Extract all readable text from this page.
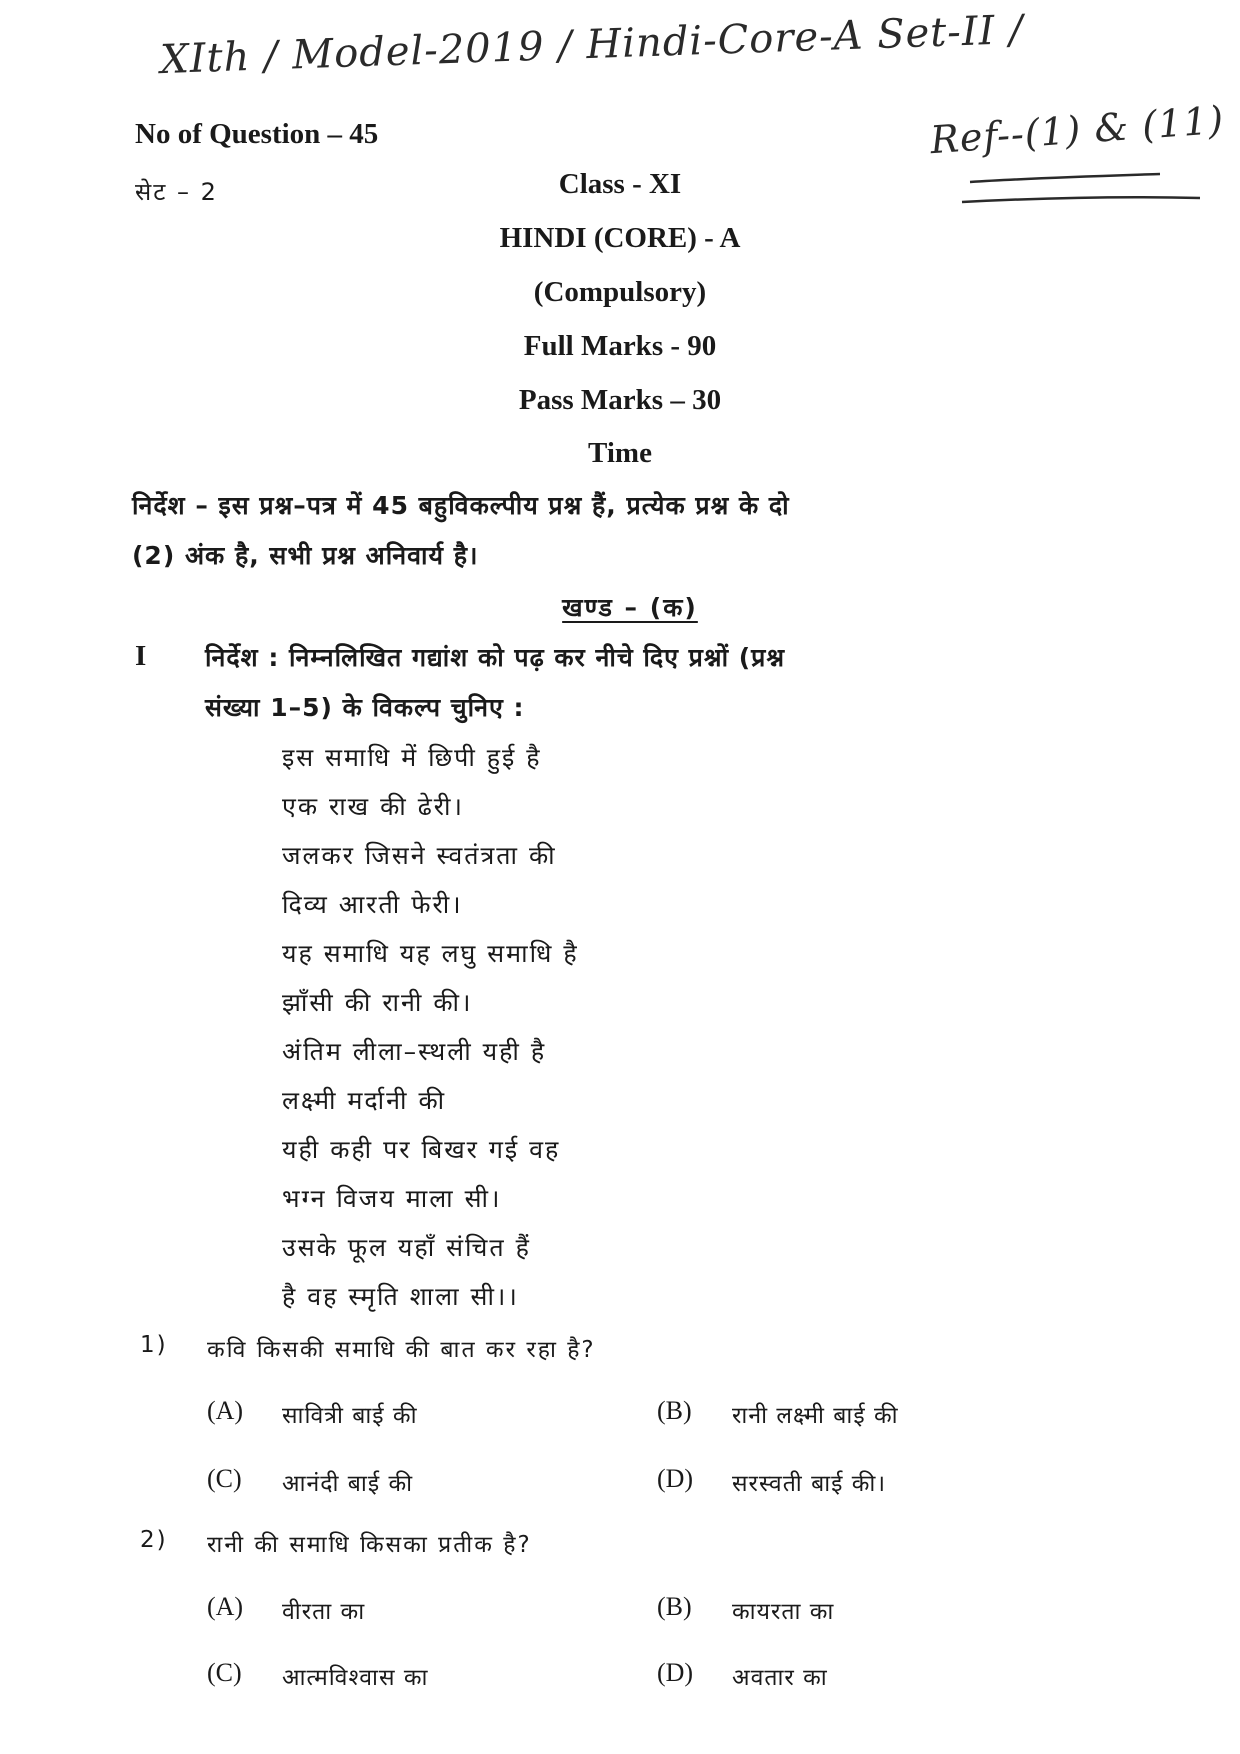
XIth / Model-2019 / Hindi-Core-A Set-II /
Ref--(1) & (11)
No of Question – 45
सेट – 2	Class - XI
HINDI (CORE) - A
(Compulsory)
Full Marks - 90
Pass Marks – 30
Time
निर्देश – इस प्रश्न–पत्र में 45 बहुविकल्पीय प्रश्न हैं, प्रत्येक प्रश्न के दो
(2) अंक है, सभी प्रश्न अनिवार्य है।
खण्ड – (क)
I निर्देश : निम्नलिखित गद्यांश को पढ़ कर नीचे दिए प्रश्नों (प्रश्न
संख्या 1–5) के विकल्प चुनिए :
इस समाधि में छिपी हुई है
एक राख की ढेरी।
जलकर जिसने स्वतंत्रता की
दिव्य आरती फेरी।
यह समाधि यह लघु समाधि है
झाँसी की रानी की।
अंतिम लीला–स्थली यही है
लक्ष्मी मर्दानी की
यही कही पर बिखर गई वह
भग्न विजय माला सी।
उसके फूल यहाँ संचित हैं
है वह स्मृति शाला सी।।
1) कवि किसकी समाधि की बात कर रहा है?
(A) सावित्री बाई की	(B) रानी लक्ष्मी बाई की
(C) आनंदी बाई की	(D) सरस्वती बाई की।
2) रानी की समाधि किसका प्रतीक है?
(A) वीरता का	(B) कायरता का
(C) आत्मविश्वास का	(D) अवतार का
